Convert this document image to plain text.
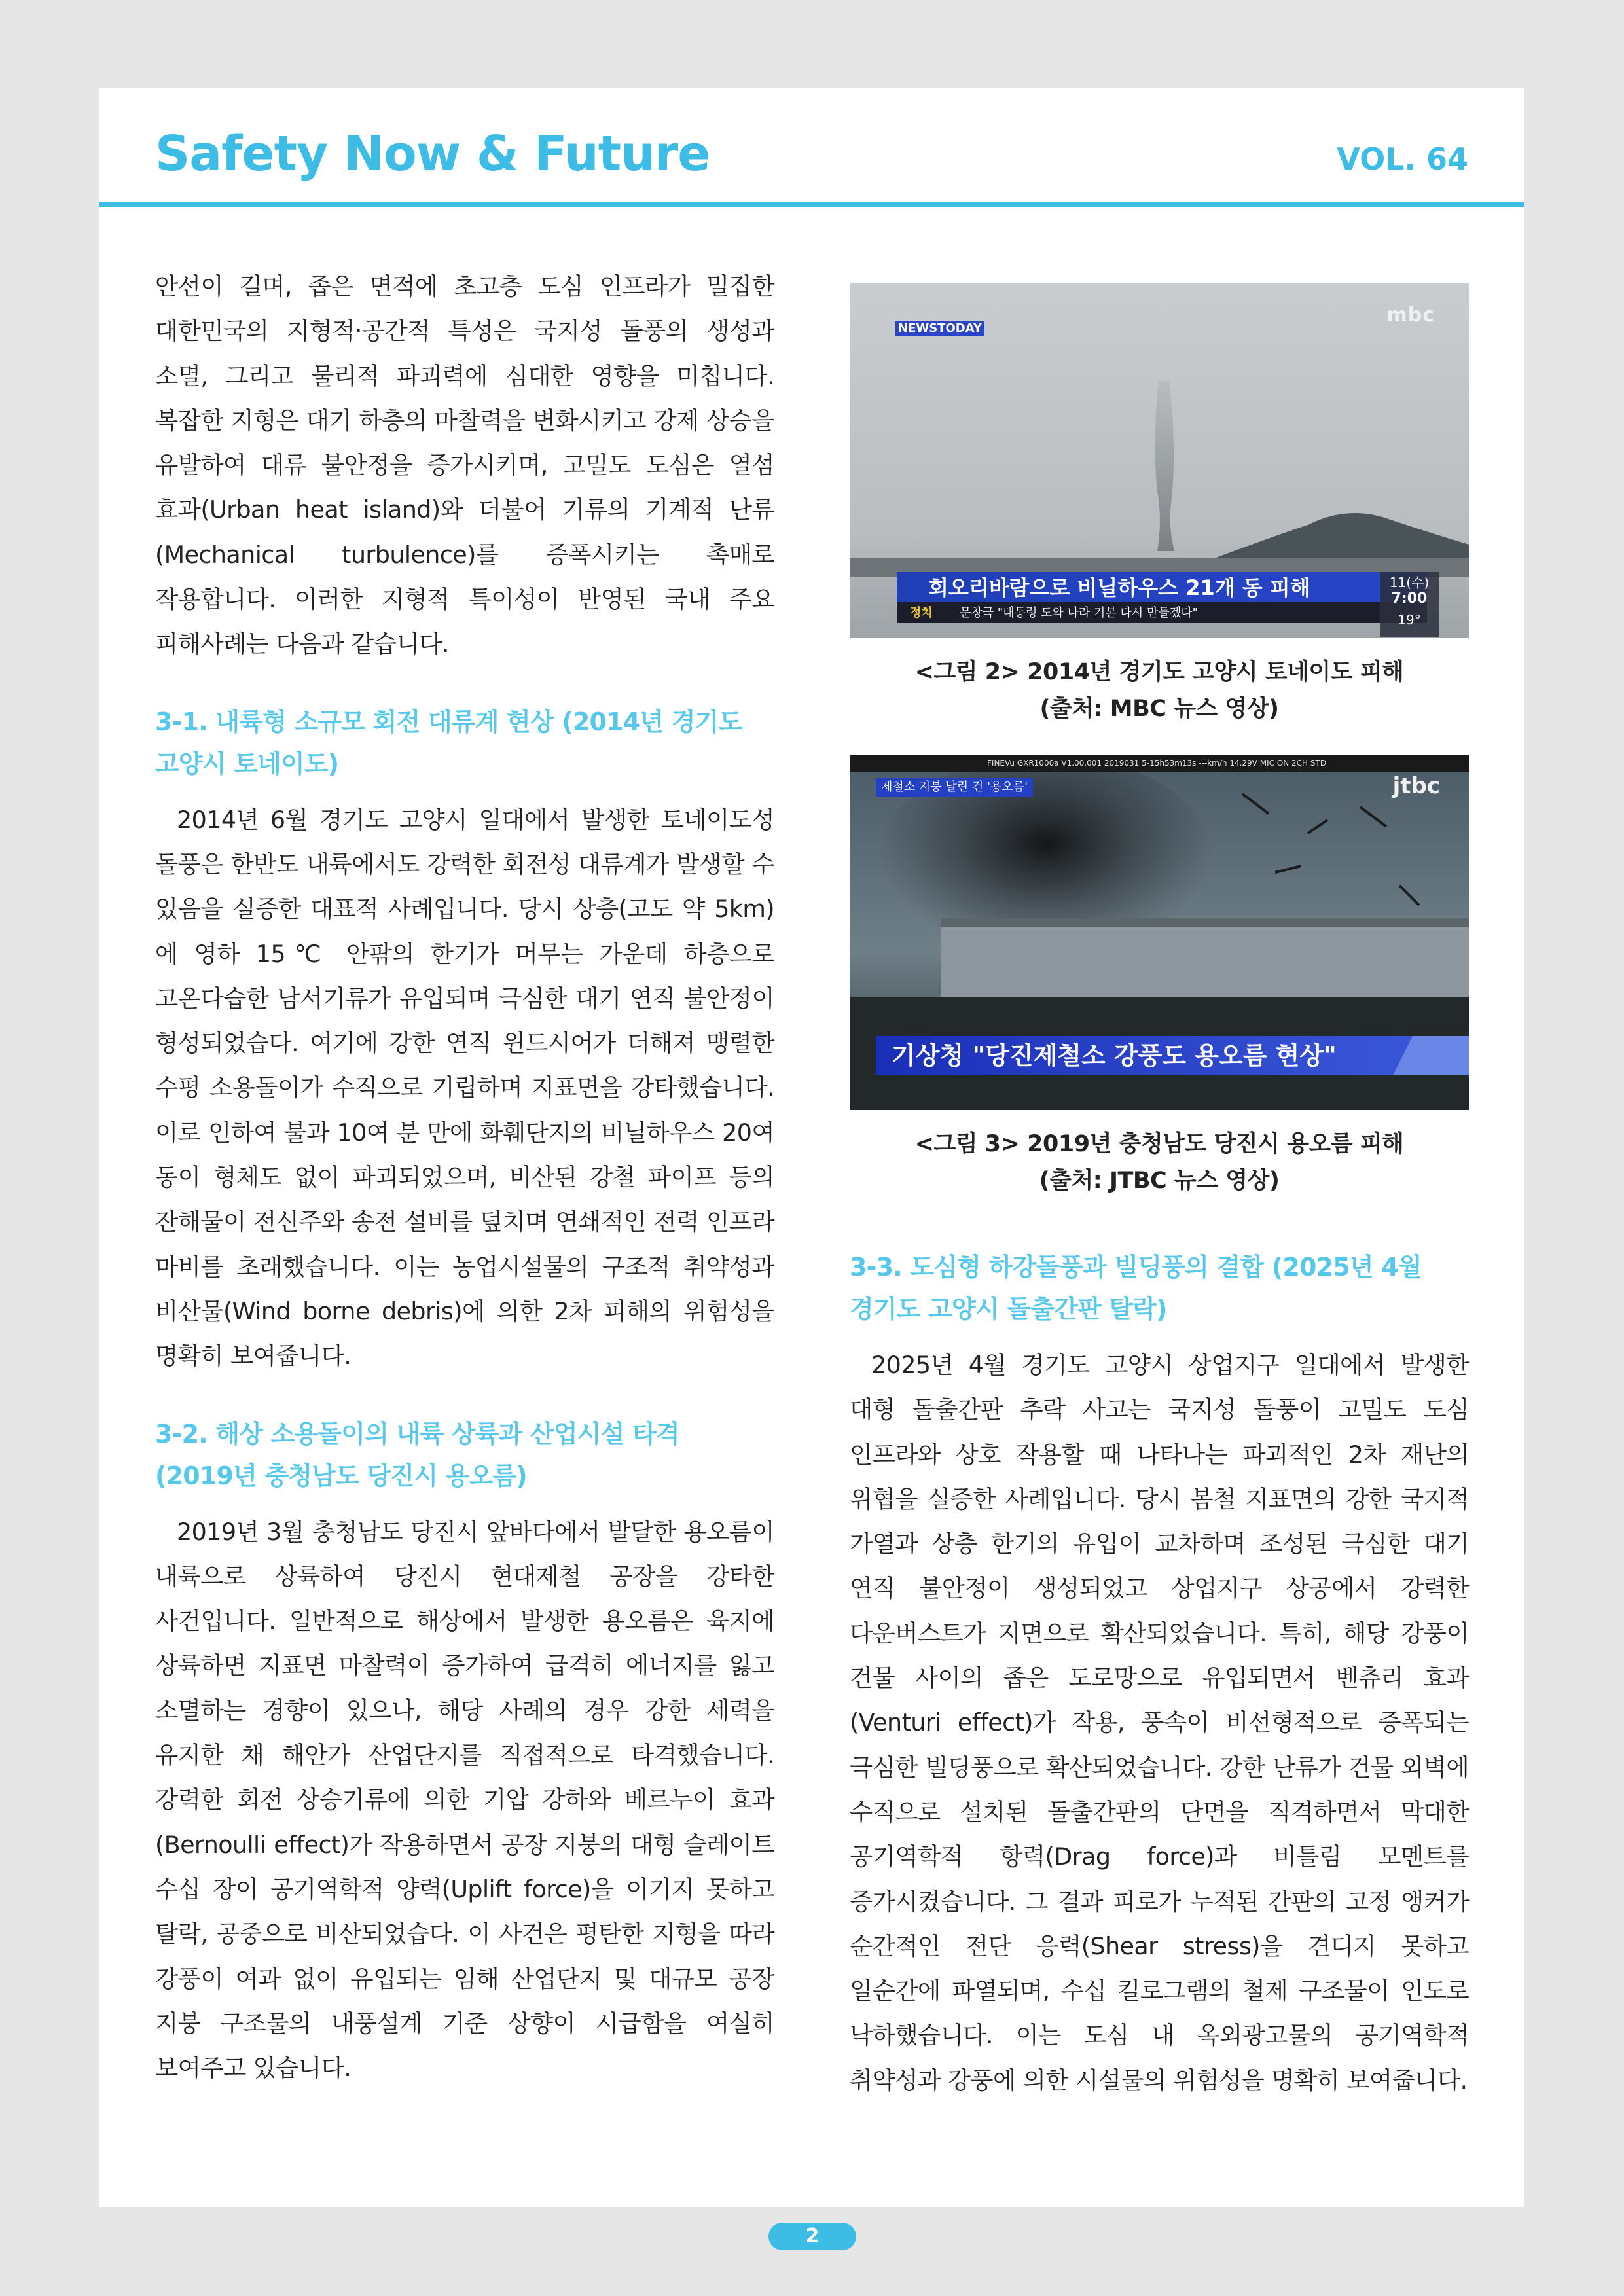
Safety Now & Future	VOL. 64

안선이 길며, 좁은 면적에 초고층 도심 인프라가 밀집한 대한민국의 지형적·공간적 특성은 국지성 돌풍의 생성과 소멸, 그리고 물리적 파괴력에 심대한 영향을 미칩니다. 복잡한 지형은 대기 하층의 마찰력을 변화시키고 강제 상승을 유발하여 대류 불안정을 증가시키며, 고밀도 도심은 열섬 효과(Urban heat island)와 더불어 기류의 기계적 난류(Mechanical turbulence)를 증폭시키는 촉매로 작용합니다. 이러한 지형적 특이성이 반영된 국내 주요 피해사례는 다음과 같습니다.

3-1. 내륙형 소규모 회전 대류계 현상 (2014년 경기도 고양시 토네이도)

2014년 6월 경기도 고양시 일대에서 발생한 토네이도성 돌풍은 한반도 내륙에서도 강력한 회전성 대류계가 발생할 수 있음을 실증한 대표적 사례입니다. 당시 상층(고도 약 5km)에 영하 15℃ 안팎의 한기가 머무는 가운데 하층으로 고온다습한 남서기류가 유입되며 극심한 대기 연직 불안정이 형성되었습다. 여기에 강한 연직 윈드시어가 더해져 맹렬한 수평 소용돌이가 수직으로 기립하며 지표면을 강타했습니다. 이로 인하여 불과 10여 분 만에 화훼단지의 비닐하우스 20여 동이 형체도 없이 파괴되었으며, 비산된 강철 파이프 등의 잔해물이 전신주와 송전 설비를 덮치며 연쇄적인 전력 인프라 마비를 초래했습니다. 이는 농업시설물의 구조적 취약성과 비산물(Wind borne debris)에 의한 2차 피해의 위험성을 명확히 보여줍니다.

3-2. 해상 소용돌이의 내륙 상륙과 산업시설 타격 (2019년 충청남도 당진시 용오름)

2019년 3월 충청남도 당진시 앞바다에서 발달한 용오름이 내륙으로 상륙하여 당진시 현대제철 공장을 강타한 사건입니다. 일반적으로 해상에서 발생한 용오름은 육지에 상륙하면 지표면 마찰력이 증가하여 급격히 에너지를 잃고 소멸하는 경향이 있으나, 해당 사례의 경우 강한 세력을 유지한 채 해안가 산업단지를 직접적으로 타격했습니다. 강력한 회전 상승기류에 의한 기압 강하와 베르누이 효과(Bernoulli effect)가 작용하면서 공장 지붕의 대형 슬레이트 수십 장이 공기역학적 양력(Uplift force)을 이기지 못하고 탈락, 공중으로 비산되었습다. 이 사건은 평탄한 지형을 따라 강풍이 여과 없이 유입되는 임해 산업단지 및 대규모 공장 지붕 구조물의 내풍설계 기준 상향이 시급함을 여실히 보여주고 있습니다.

NEWSTODAY
mbc
회오리바람으로 비닐하우스 21개 동 피해
정치 문창극 "대통령 도와 나라 기본 다시 만들겠다"
11(수)
7:00
19°

<그림 2> 2014년 경기도 고양시 토네이도 피해

(출처: MBC 뉴스 영상)

FINEVu GXR1000a V1.00.001 2019031 5-15h53m13s ---km/h 14.29V MIC ON 2CH STD
제철소 지붕 날린 건 '용오름'	jtbc
기상청 "당진제철소 강풍도 용오름 현상"

<그림 3> 2019년 충청남도 당진시 용오름 피해

(출처: JTBC 뉴스 영상)

3-3. 도심형 하강돌풍과 빌딩풍의 결합 (2025년 4월 경기도 고양시 돌출간판 탈락)

2025년 4월 경기도 고양시 상업지구 일대에서 발생한 대형 돌출간판 추락 사고는 국지성 돌풍이 고밀도 도심 인프라와 상호 작용할 때 나타나는 파괴적인 2차 재난의 위협을 실증한 사례입니다. 당시 봄철 지표면의 강한 국지적 가열과 상층 한기의 유입이 교차하며 조성된 극심한 대기 연직 불안정이 생성되었고 상업지구 상공에서 강력한 다운버스트가 지면으로 확산되었습니다. 특히, 해당 강풍이 건물 사이의 좁은 도로망으로 유입되면서 벤츄리 효과(Venturi effect)가 작용, 풍속이 비선형적으로 증폭되는 극심한 빌딩풍으로 확산되었습니다. 강한 난류가 건물 외벽에 수직으로 설치된 돌출간판의 단면을 직격하면서 막대한 공기역학적 항력(Drag force)과 비틀림 모멘트를 증가시켰습니다. 그 결과 피로가 누적된 간판의 고정 앵커가 순간적인 전단 응력(Shear stress)을 견디지 못하고 일순간에 파열되며, 수십 킬로그램의 철제 구조물이 인도로 낙하했습니다. 이는 도심 내 옥외광고물의 공기역학적 취약성과 강풍에 의한 시설물의 위험성을 명확히 보여줍니다.

2
